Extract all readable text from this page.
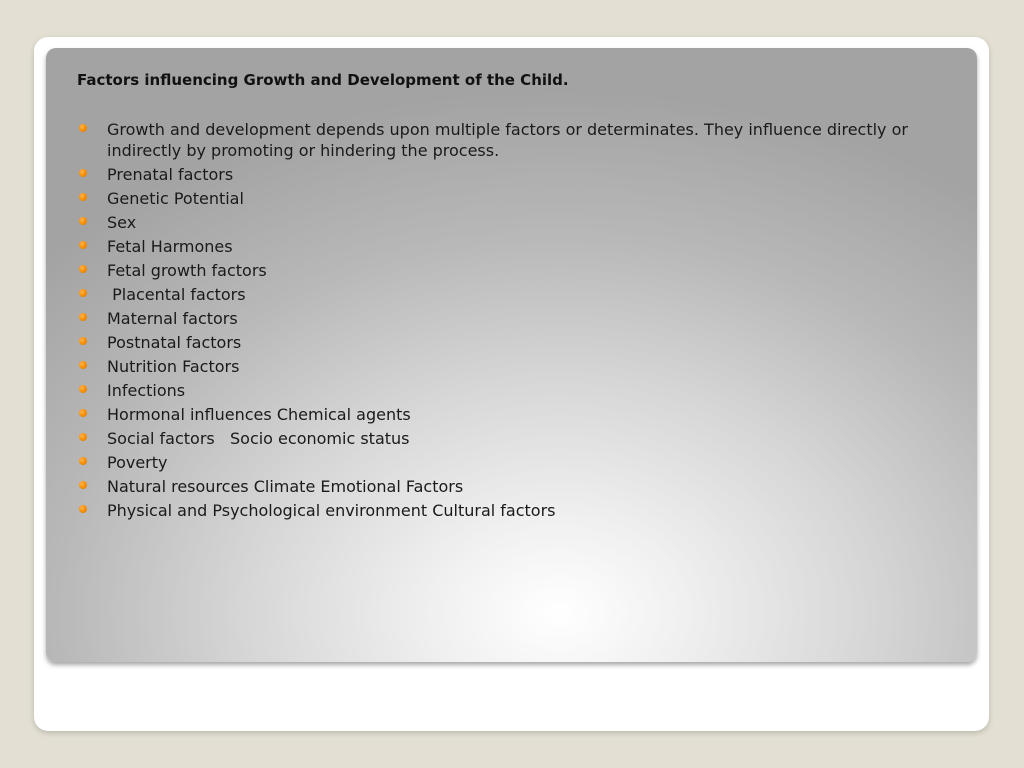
Factors influencing Growth and Development of the Child.
Growth and development depends upon multiple factors or determinates. They influence directly or indirectly by promoting or hindering the process.
Prenatal factors
Genetic Potential
Sex
Fetal Harmones
Fetal growth factors
Placental factors
Maternal factors
Postnatal factors
Nutrition Factors
Infections
Hormonal influences Chemical agents
Social factors   Socio economic status
Poverty
Natural resources Climate Emotional Factors
Physical and Psychological environment Cultural factors
